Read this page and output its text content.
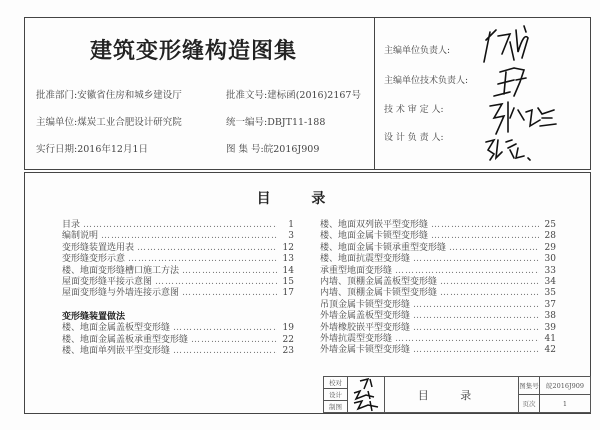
建筑变形缝构造图集
批准部门:安徽省住房和城乡建设厅	批准文号:建标函(2016)2167号
主编单位:煤炭工业合肥设计研究院	统一编号:DBJT11-188
实行日期:2016年12月1日	图 集 号:皖2016J909
主编单位负责人:
主编单位技术负责人:
技 术 审 定 人:
设 计 负 责 人:
目 录
目录 …………………………………………………………………………………………	1
编制说明 …………………………………………………………………………………………	3
变形缝装置选用表 …………………………………………………………………………………………	12
变形缝变形示意 …………………………………………………………………………………………	13
楼、地面变形缝槽口施工方法 …………………………………………………………………………………………	14
屋面变形缝平接示意图 …………………………………………………………………………………………	15
屋面变形缝与外墙连接示意图 …………………………………………………………………………………………	17
变形缝装置做法
楼、地面金属盖板型变形缝 …………………………………………………………………………………………	19
楼、地面金属盖板承重型变形缝 …………………………………………………………………………………………	22
楼、地面单列嵌平型变形缝 …………………………………………………………………………………………	23
楼、地面双列嵌平型变形缝 …………………………………………………………………………………………	25
楼、地面金属卡锁型变形缝 …………………………………………………………………………………………	28
楼、地面金属卡锁承重型变形缝 …………………………………………………………………………………………	29
楼、地面抗震型变形缝 …………………………………………………………………………………………	30
承重型地面变形缝 …………………………………………………………………………………………	33
内墙、顶棚金属盖板型变形缝 …………………………………………………………………………………………	34
内墙、顶棚金属卡锁型变形缝 …………………………………………………………………………………………	35
吊顶金属卡锁型变形缝 …………………………………………………………………………………………	37
外墙金属盖板型变形缝 …………………………………………………………………………………………	38
外墙橡胶嵌平型变形缝 …………………………………………………………………………………………	39
外墙抗震型变形缝 …………………………………………………………………………………………	41
外墙金属卡锁型变形缝 …………………………………………………………………………………………	42
校对
设计
制图
目 录
图集号	皖2016J909
页次	1
